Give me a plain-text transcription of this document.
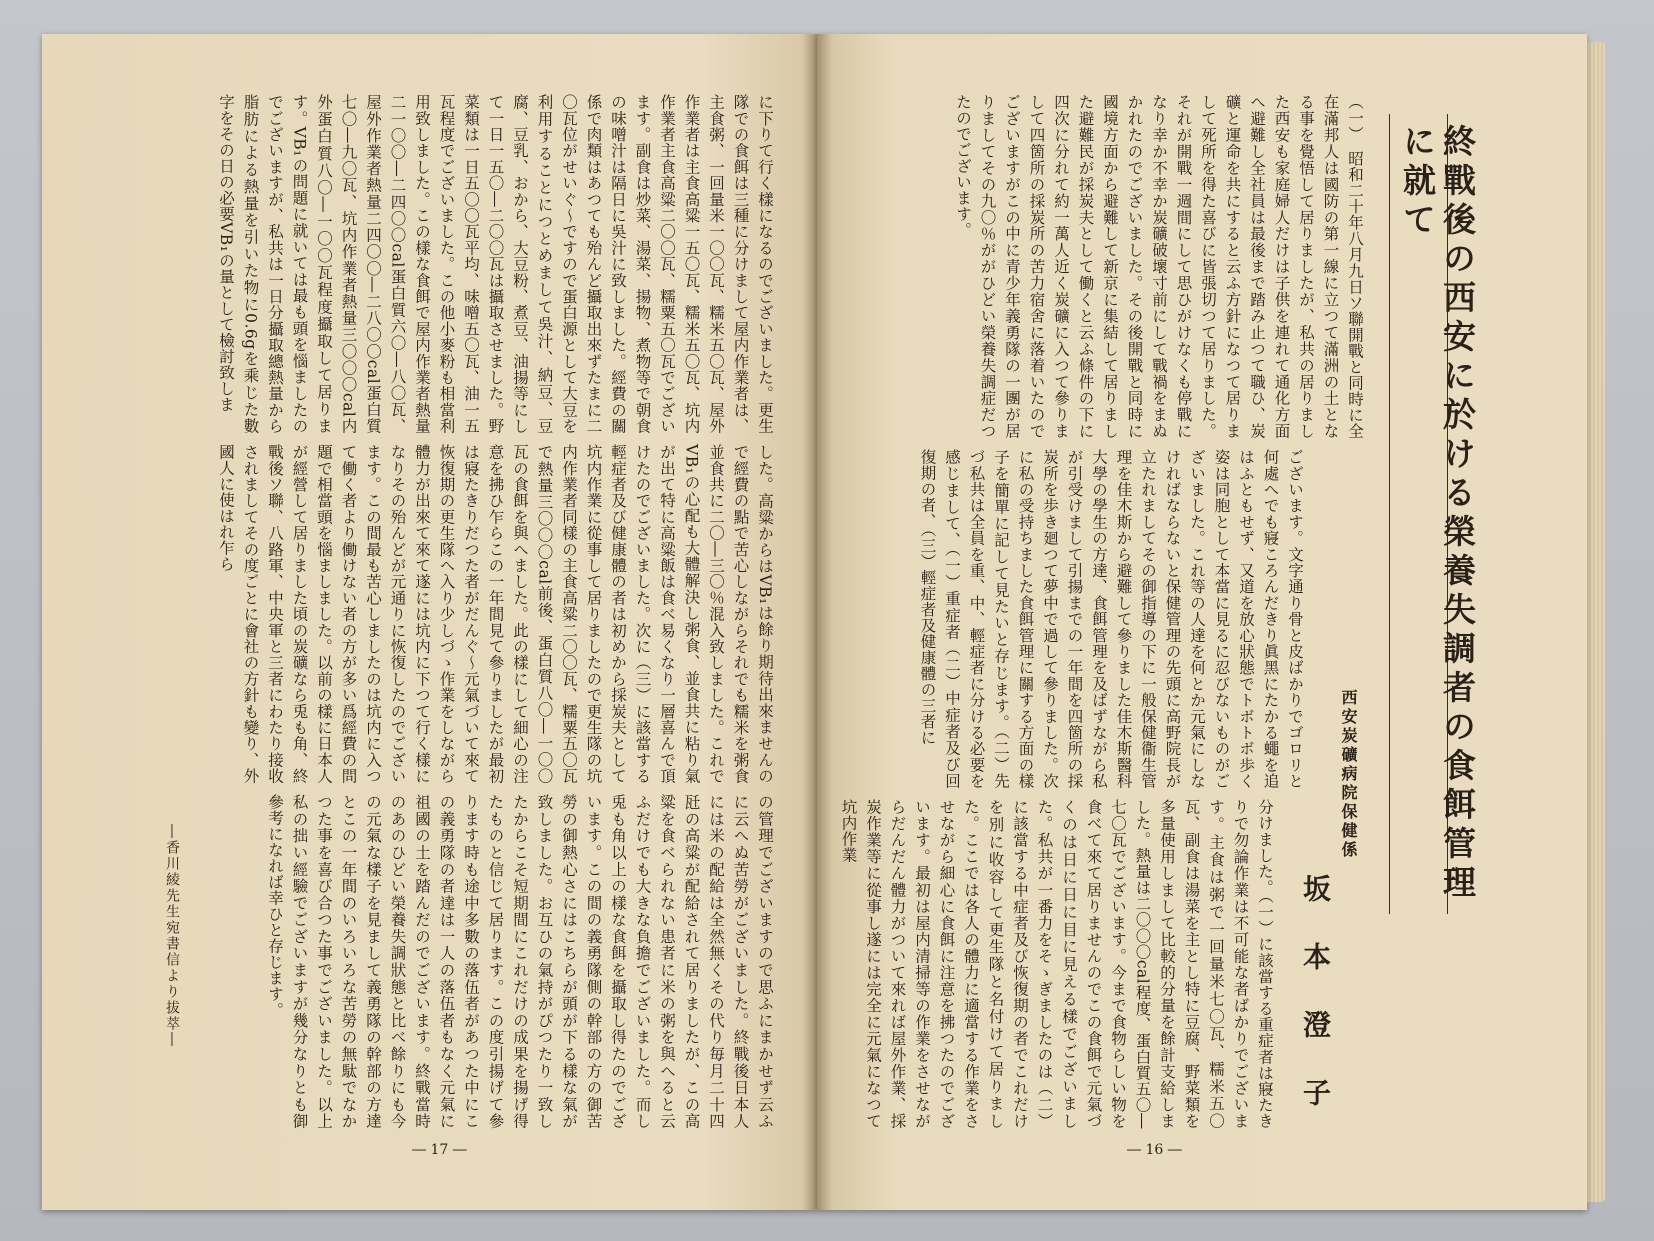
に下りて行く樣になるのでございました。更生隊での食餌は三種に分けまして屋内作業者は、主食粥、一回量米一〇〇瓦、糯米五〇瓦、屋外作業者は主食高粱一五〇瓦、糯米五〇瓦、坑内作業者主食高粱二〇〇瓦、糯粟五〇瓦でございます。副食は炒菜、湯菜、揚物、煮物等で朝食の味噌汁は隔日に吳汁に致しました。經費の關係で肉類はあつても殆んど攝取出來ずたまに二〇瓦位がせいぐ〜ですので蛋白源として大豆を利用することにつとめまして吳汁、納豆、豆腐、豆乳、おから、大豆粉、煮豆、油揚等にして一日一五〇―二〇〇瓦は攝取させました。野菜類は一日五〇〇瓦平均、味噌五〇瓦、油一五瓦程度でございました。この他小麥粉も相當利用致しました。この樣な食餌で屋内作業者熱量二一〇〇―二四〇〇cal蛋白質六〇―八〇瓦、屋外作業者熱量二四〇〇―二八〇〇cal蛋白質七〇―九〇瓦、坑内作業者熱量三〇〇〇cal内外蛋白質八〇―一〇〇瓦程度攝取して居ります。VB₁の問題に就いては最も頭を惱ましたのでございますが、私共は一日分攝取總熱量から脂肪による熱量を引いた物に0.6gを乘じた數字をその日の必要VB₁の量として檢討致しま
した。高粱からはVB₁は餘り期待出來ませんので經費の點で苦心しながらそれでも糯米を粥食並食共に二〇―三〇％混入致しました。これでVB₁の心配も大體解決し粥食、並食共に粘り氣が出て特に高粱飯は食べ易くなり一層喜んで頂けたのでございました。次に（三）に該當する輕症者及び健康體の者は初めから採炭夫として坑内作業に從事して居りましたので更生隊の坑内作業者同樣の主食高粱二〇〇瓦、糯粟五〇瓦で熱量三〇〇〇cal前後、蛋白質八〇―一〇〇瓦の食餌を與へました。此の樣にして細心の注意を拂ひ乍らこの一年間見て參りましたが最初は寢たきりだつた者がだんぐ〜元氣づいて來て恢復期の更生隊へ入り少しづゝ作業をしながら體力が出來て來て遂には坑内に下つて行く樣になりその殆んどが元通りに恢復したのでございます。この間最も苦心しましたのは坑内に入つて働く者より働けない者の方が多い爲經費の問題で相當頭を惱ましました。以前の樣に日本人が經營して居りました頃の炭礦なら兎も角、終戰後ソ聯、八路軍、中央軍と三者にわたり接收されましてその度ごとに會社の方針も變り、外國人に使はれ乍ら
の管理でございますので思ふにまかせず云ふに云へぬ苦勞がございました。終戰後日本人には米の配給は全然無くその代り毎月二十四瓩の高粱が配給されて居りましたが、この高粱を食べられない患者に米の粥を與へると云ふだけでも大きな負擔でございました。而し兎も角以上の樣な食餌を攝取し得たのでございます。この間の義勇隊側の幹部の方の御苦勞の御熱心さにはこちらが頭が下る樣な氣が致しました。お互ひの氣持がぴつたり一致したからこそ短期間にこれだけの成果を揚げ得たものと信じて居ります。この度引揚げて參ります時も途中多數の落伍者があつた中にこの義勇隊の者達は一人の落伍者もなく元氣に祖國の土を踏んだのでございます。終戰當時のあのひどい榮養失調狀態と比べ餘りにも今の元氣な樣子を見まして義勇隊の幹部の方達とこの一年間のいろいろな苦勞の無駄でなかつた事を喜び合つた事でございました。以上私の拙い經驗でございますが幾分なりとも御參考になれば幸ひと存じます。
―香川綾先生宛書信より拔萃―
― 17 ―
終戰後の西安に於ける榮養失調者の食餌管理に就て
西安炭礦病院保健係
坂本澄子
（一）　昭和二十年八月九日ソ聯開戰と同時に全在滿邦人は國防の第一線に立つて滿洲の土となる事を覺悟して居りましたが、私共の居りました西安も家庭婦人だけは子供を連れて通化方面へ避難し全社員は最後まで踏み止つて職ひ、炭礦と運命を共にすると云ふ方針になつて居りまして死所を得た喜びに皆張切つて居りました。それが開戰一週間にして思ひがけなくも停戰になり幸か不幸か炭礦破壞寸前にして戰禍をまぬかれたのでございました。その後開戰と同時に國境方面から避難して新京に集結して居りました避難民が採炭夫として働くと云ふ條件の下に四次に分れて約一萬人近く炭礦に入つて參りまして四箇所の採炭所の苦力宿舍に落着いたのでございますがこの中に青少年義勇隊の一團が居りましてその九〇％ががひどい榮養失調症だつたのでございます。
ございます。文字通り骨と皮ばかりでゴロリと何處へでも寢ころんだきり眞黑にたかる蠅を追はふともせず、又道を放心狀態でトボトボ歩く姿は同胞として本當に見るに忍びないものがございました。これ等の人達を何とか元氣にしなければならないと保健管理の先頭に高野院長が立たれましてその御指導の下に一般保健衞生管理を佳木斯から避難して參りました佳木斯醫科大學の學生の方達、食餌管理を及ばずながら私が引受けまして引揚までの一年間を四箇所の採炭所を歩き廻つて夢中で過して參りました。次に私の受持ちました食餌管理に關する方面の樣子を簡單に記して見たいと存じます。（二）先づ私共は全員を重、中、輕症者に分ける必要を感じまして、（一）重症者（二）中症者及び回復期の者、（三）輕症者及健康體の三者に
分けました。（一）に該當する重症者は寢たきりで勿論作業は不可能な者ばかりでございます。主食は粥で一回量米七〇瓦、糯米五〇瓦、副食は湯菜を主とし特に豆腐、野菜類を多量使用しまして比較的分量を餘計支給しました。熱量は二〇〇〇cal程度、蛋白質五〇―七〇瓦でございます。今まで食物らしい物を食べて來て居りませんのでこの食餌で元氣づくのは日に日に目に見える樣でございました。私共が一番力をそゝぎましたのは（二）に該當する中症者及び恢復期の者でこれだけを別に收容して更生隊と名付けて居りました。ここでは各人の體力に適當する作業をさせながら細心に食餌に注意を拂つたのでございます。最初は屋内清掃等の作業をさせながらだんだん體力がついて來れば屋外作業、採炭作業等に從事し遂には完全に元氣になつて坑内作業
― 16 ―
